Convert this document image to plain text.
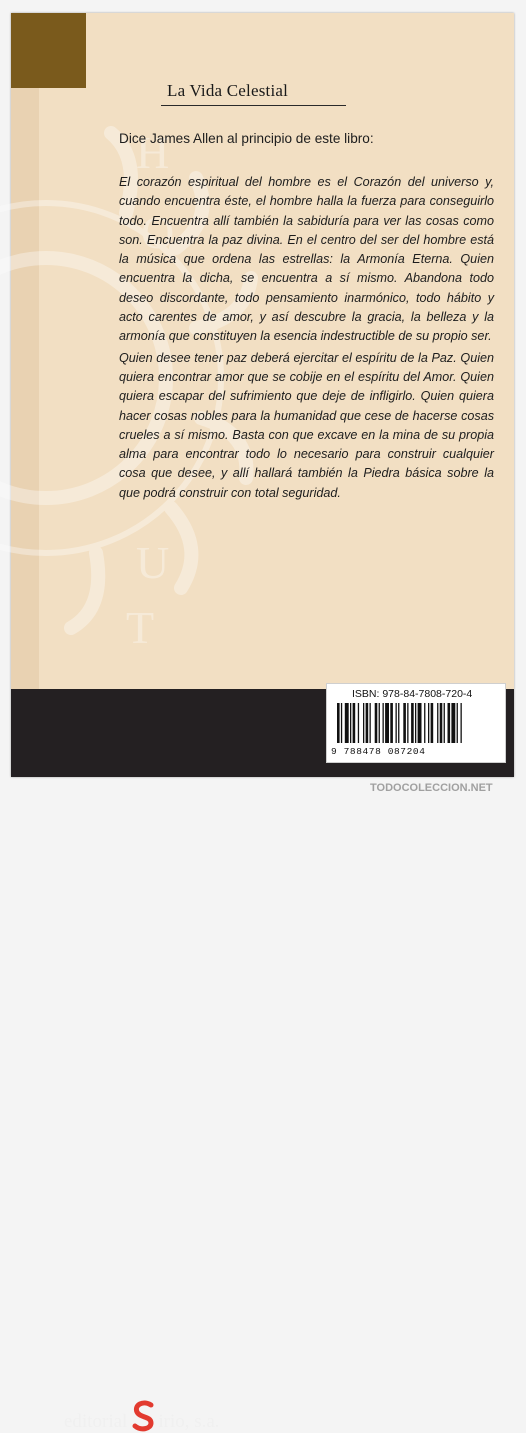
H
O
U
T
La Vida Celestial
Dice James Allen al principio de este libro:

El corazón espiritual del hombre es el Corazón del universo y, cuando encuentra éste, el hombre halla la fuerza para conseguirlo todo. Encuentra allí también la sabiduría para ver las cosas como son. Encuentra la paz divina. En el centro del ser del hombre está la música que ordena las estrellas: la Armonía Eterna. Quien encuentra la dicha, se encuentra a sí mismo. Abandona todo deseo discordante, todo pensamiento inarmónico, todo hábito y acto carentes de amor, y así descubre la gracia, la belleza y la armonía que constituyen la esencia indestructible de su propio ser.

Quien desee tener paz deberá ejercitar el espíritu de la Paz. Quien quiera encontrar amor que se cobije en el espíritu del Amor. Quien quiera escapar del sufrimiento que deje de infligirlo. Quien quiera hacer cosas nobles para la humanidad que cese de hacerse cosas crueles a sí mismo. Basta con que excave en la mina de su propia alma para encontrar todo lo necesario para construir cualquier cosa que desee, y allí hallará también la Piedra básica sobre la que podrá construir con total seguridad.

editorial irio, s.a.
ISBN: 978-84-7808-720-4
9 788478 087204
TODOCOLECCION.NET
